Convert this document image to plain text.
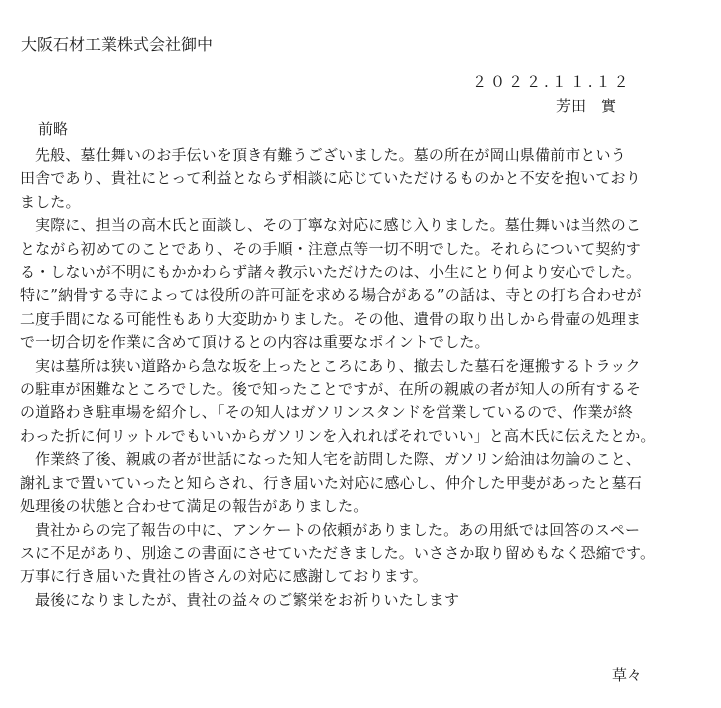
大阪石材工業株式会社御中
２０２２.１１.１２
芳田　實
前略

先般、墓仕舞いのお手伝いを頂き有難うございました。墓の所在が岡山県備前市という
田舎であり、貴社にとって利益とならず相談に応じていただけるものかと不安を抱いており
ました。

実際に、担当の高木氏と面談し、その丁寧な対応に感じ入りました。墓仕舞いは当然のこ
とながら初めてのことであり、その手順・注意点等一切不明でした。それらについて契約す
る・しないが不明にもかかわらず諸々教示いただけたのは、小生にとり何より安心でした。
特に”納骨する寺によっては役所の許可証を求める場合がある”の話は、寺との打ち合わせが
二度手間になる可能性もあり大変助かりました。その他、遺骨の取り出しから骨壷の処理ま
で一切合切を作業に含めて頂けるとの内容は重要なポイントでした。

実は墓所は狭い道路から急な坂を上ったところにあり、撤去した墓石を運搬するトラック
の駐車が困難なところでした。後で知ったことですが、在所の親戚の者が知人の所有するそ
の道路わき駐車場を紹介し、「その知人はガソリンスタンドを営業しているので、作業が終
わった折に何リットルでもいいからガソリンを入れればそれでいい」と高木氏に伝えたとか。

作業終了後、親戚の者が世話になった知人宅を訪問した際、ガソリン給油は勿論のこと、
謝礼まで置いていったと知らされ、行き届いた対応に感心し、仲介した甲斐があったと墓石
処理後の状態と合わせて満足の報告がありました。

貴社からの完了報告の中に、アンケートの依頼がありました。あの用紙では回答のスペー
スに不足があり、別途この書面にさせていただきました。いささか取り留めもなく恐縮です。
万事に行き届いた貴社の皆さんの対応に感謝しております。

最後になりましたが、貴社の益々のご繁栄をお祈りいたします

草々
